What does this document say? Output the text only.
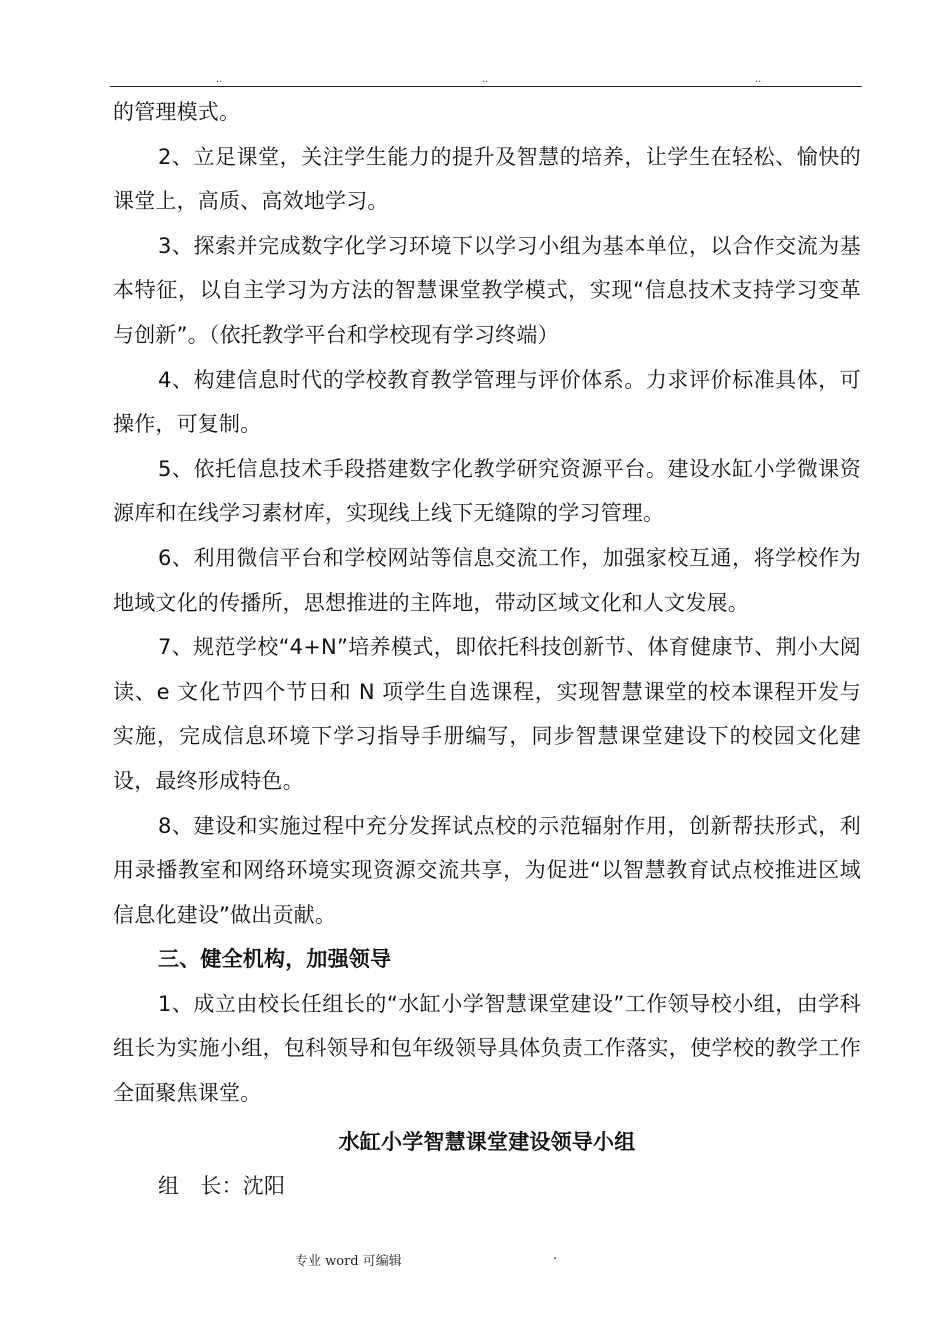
..	..	..

的管理模式。

2、立足课堂，关注学生能力的提升及智慧的培养，让学生在轻松、愉快的课堂上，高质、高效地学习。

3、探索并完成数字化学习环境下以学习小组为基本单位，以合作交流为基本特征，以自主学习为方法的智慧课堂教学模式，实现“信息技术支持学习变革与创新”。（依托教学平台和学校现有学习终端）

4、构建信息时代的学校教育教学管理与评价体系。力求评价标准具体，可操作，可复制。

5、依托信息技术手段搭建数字化教学研究资源平台。建设水缸小学微课资源库和在线学习素材库，实现线上线下无缝隙的学习管理。

6、利用微信平台和学校网站等信息交流工作，加强家校互通，将学校作为地域文化的传播所，思想推进的主阵地，带动区域文化和人文发展。

7、规范学校“4+N”培养模式，即依托科技创新节、体育健康节、荆小大阅读、e 文化节四个节日和 N 项学生自选课程，实现智慧课堂的校本课程开发与实施，完成信息环境下学习指导手册编写，同步智慧课堂建设下的校园文化建设，最终形成特色。

8、建设和实施过程中充分发挥试点校的示范辐射作用，创新帮扶形式，利用录播教室和网络环境实现资源交流共享，为促进“以智慧教育试点校推进区域信息化建设”做出贡献。

三、健全机构，加强领导

1、成立由校长任组长的“水缸小学智慧课堂建设”工作领导校小组，由学科组长为实施小组，包科领导和包年级领导具体负责工作落实，使学校的教学工作全面聚焦课堂。

水缸小学智慧课堂建设领导小组

组　长：沈阳

专业 word 可编辑	.
